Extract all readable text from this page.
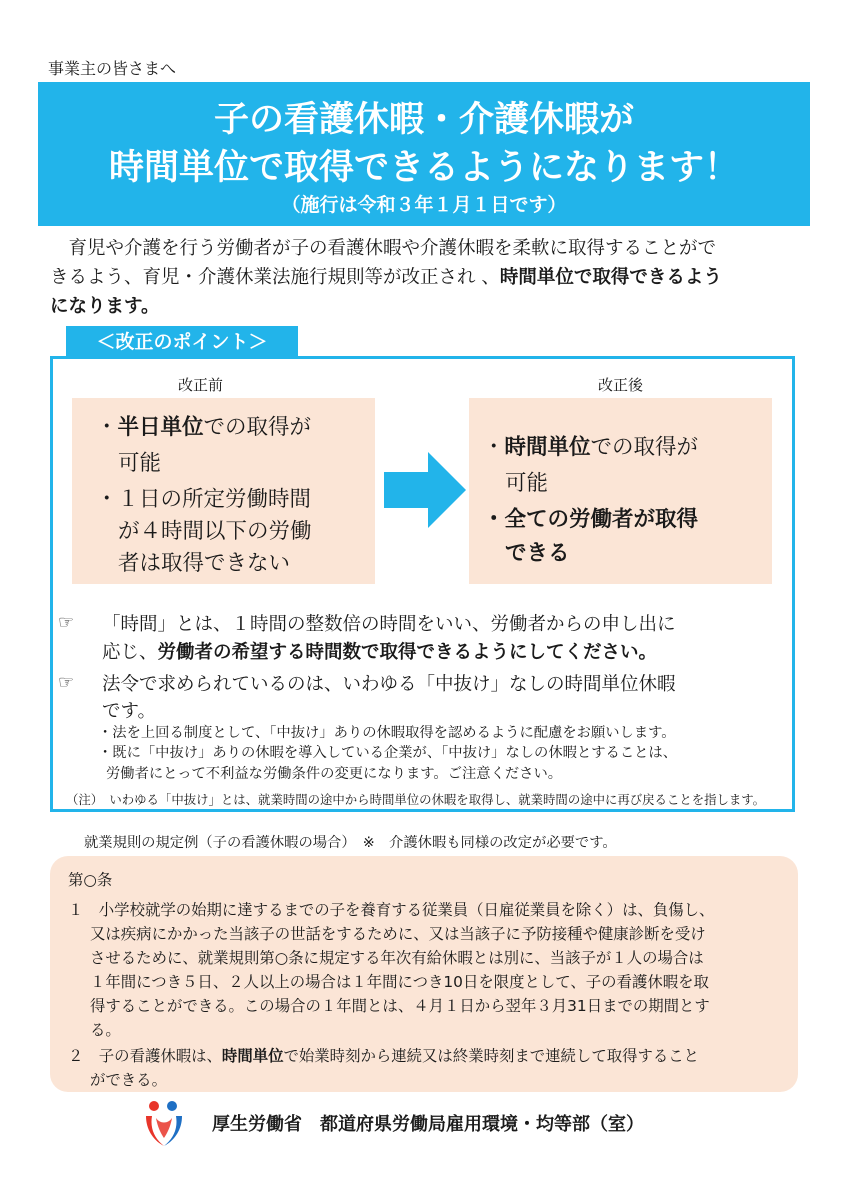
事業主の皆さまへ
子の看護休暇・介護休暇が
時間単位で取得できるようになります！
（施行は令和３年１月１日です）
　育児や介護を行う労働者が子の看護休暇や介護休暇を柔軟に取得することがで
きるよう、育児・介護休業法施行規則等が改正され 、時間単位で取得できるよう
になります。
＜改正のポイント＞
改正前	改正後
・半日単位での取得が
可能
・１日の所定労働時間
が４時間以下の労働
者は取得できない
・時間単位での取得が
可能
・全ての労働者が取得
できる
☞ 「時間」とは、１時間の整数倍の時間をいい、労働者からの申し出に
応じ、労働者の希望する時間数で取得できるようにしてください。
☞ 法令で求められているのは、いわゆる「中抜け」なしの時間単位休暇
です。
・法を上回る制度として、「中抜け」ありの休暇取得を認めるように配慮をお願いします。
・既に「中抜け」ありの休暇を導入している企業が、「中抜け」なしの休暇とすることは、
労働者にとって不利益な労働条件の変更になります。ご注意ください。
（注）　いわゆる「中抜け」とは、就業時間の途中から時間単位の休暇を取得し、就業時間の途中に再び戻ることを指します。
就業規則の規定例（子の看護休暇の場合）　※　介護休暇も同様の改定が必要です。
第○条
１　小学校就学の始期に達するまでの子を養育する従業員（日雇従業員を除く）は、負傷し、
又は疾病にかかった当該子の世話をするために、又は当該子に予防接種や健康診断を受け
させるために、就業規則第○条に規定する年次有給休暇とは別に、当該子が１人の場合は
１年間につき５日、２人以上の場合は１年間につき10日を限度として、子の看護休暇を取
得することができる。この場合の１年間とは、４月１日から翌年３月31日までの期間とす
る。
２　子の看護休暇は、時間単位で始業時刻から連続又は終業時刻まで連続して取得すること
ができる。
厚生労働省　都道府県労働局雇用環境・均等部（室）
